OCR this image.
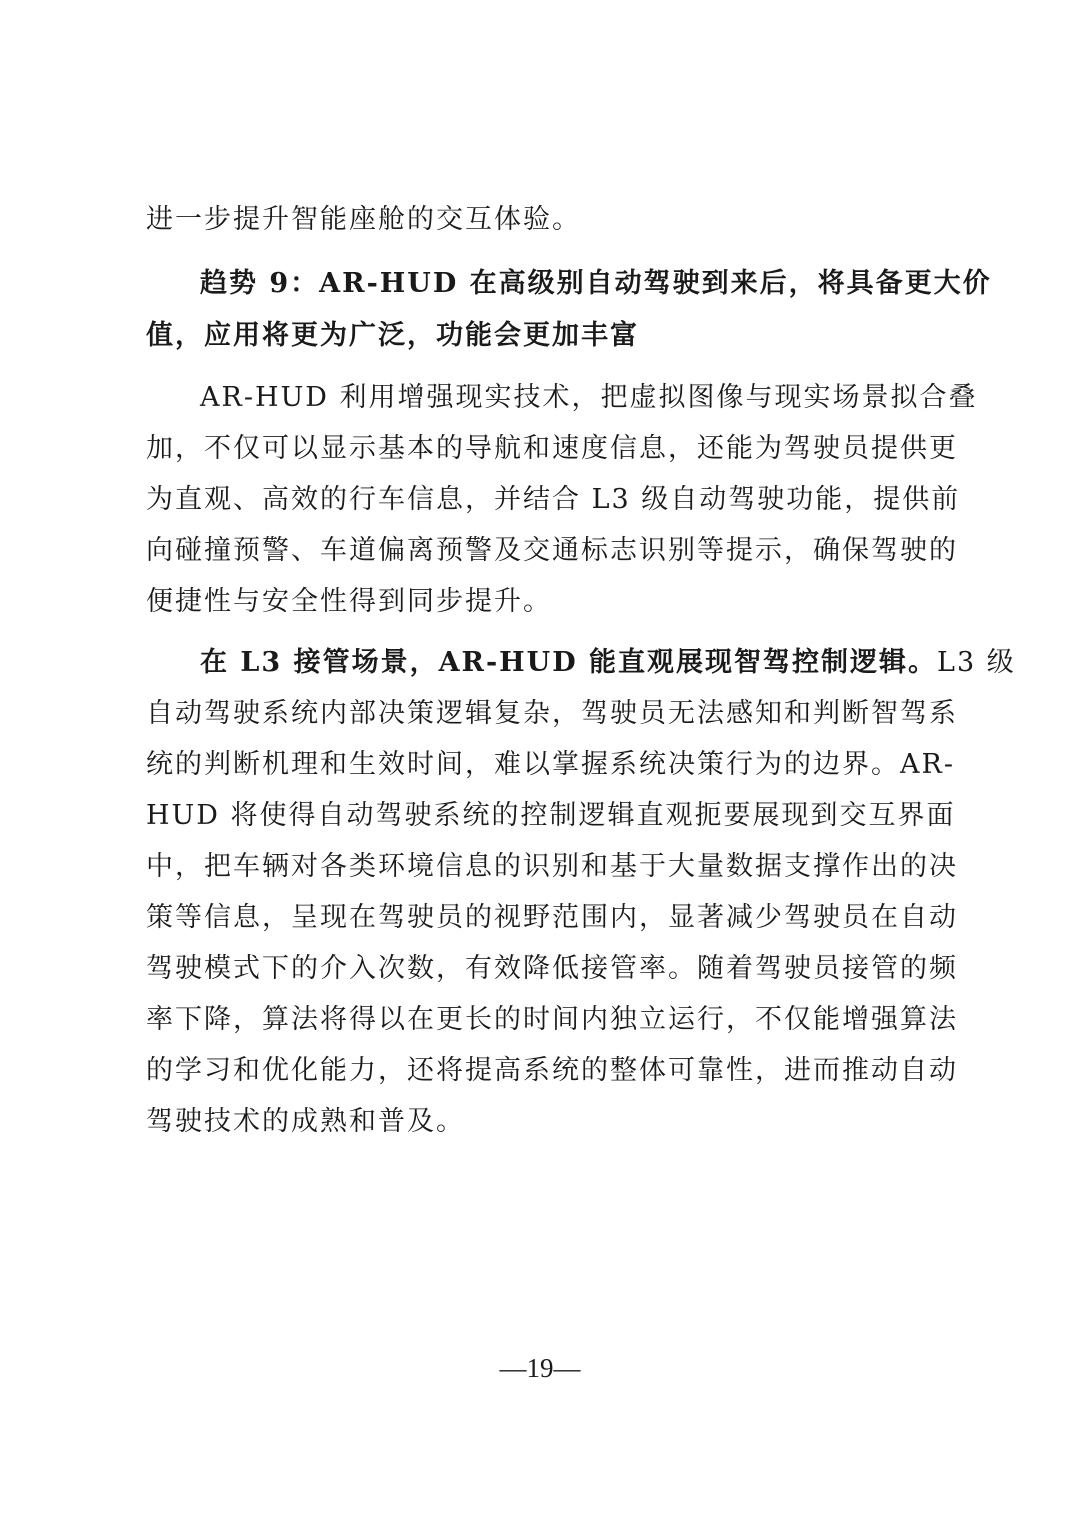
进一步提升智能座舱的交互体验。
趋势 9：AR-HUD 在高级别自动驾驶到来后，将具备更大价
值，应用将更为广泛，功能会更加丰富
AR-HUD 利用增强现实技术，把虚拟图像与现实场景拟合叠
加，不仅可以显示基本的导航和速度信息，还能为驾驶员提供更
为直观、高效的行车信息，并结合 L3 级自动驾驶功能，提供前
向碰撞预警、车道偏离预警及交通标志识别等提示，确保驾驶的
便捷性与安全性得到同步提升。
在 L3 接管场景，AR-HUD 能直观展现智驾控制逻辑。 L3 级
自动驾驶系统内部决策逻辑复杂，驾驶员无法感知和判断智驾系
统的判断机理和生效时间，难以掌握系统决策行为的边界。AR-
HUD 将使得自动驾驶系统的控制逻辑直观扼要展现到交互界面
中，把车辆对各类环境信息的识别和基于大量数据支撑作出的决
策等信息，呈现在驾驶员的视野范围内，显著减少驾驶员在自动
驾驶模式下的介入次数，有效降低接管率。随着驾驶员接管的频
率下降，算法将得以在更长的时间内独立运行，不仅能增强算法
的学习和优化能力，还将提高系统的整体可靠性，进而推动自动
驾驶技术的成熟和普及。
—19—
